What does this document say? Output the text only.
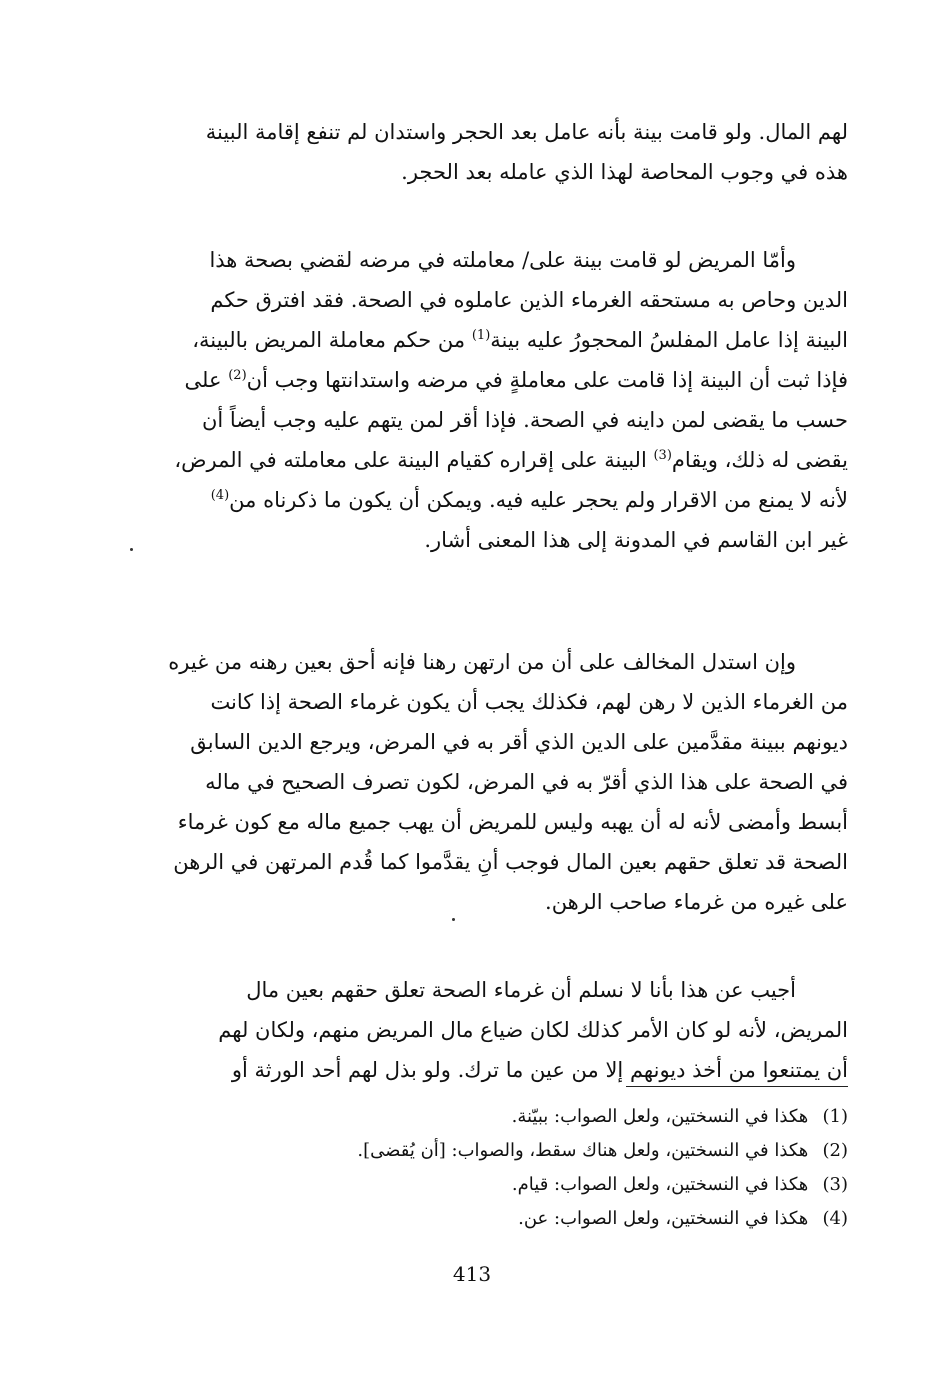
لهم المال. ولو قامت بينة بأنه عامل بعد الحجر واستدان لم تنفع إقامة البينة
هذه في وجوب المحاصة لهذا الذي عامله بعد الحجر.

وأمّا المريض لو قامت بينة على/ معاملته في مرضه لقضي بصحة هذا
الدين وحاص به مستحقه الغرماء الذين عاملوه في الصحة. فقد افترق حكم
البينة إذا عامل المفلسُ المحجورُ عليه بينة$^{(1)}$ من حكم معاملة المريض بالبينة،
فإذا ثبت أن البينة إذا قامت على معاملةٍ في مرضه واستدانتها وجب أن$^{(2)}$ على
حسب ما يقضى لمن داينه في الصحة. فإذا أقر لمن يتهم عليه وجب أيضاً أن
يقضى له ذلك، ويقام$^{(3)}$ البينة على إقراره كقيام البينة على معاملته في المرض،
لأنه لا يمنع من الاقرار ولم يحجر عليه فيه. ويمكن أن يكون ما ذكرناه من$^{(4)}$
غير ابن القاسم في المدونة إلى هذا المعنى أشار.

وإن استدل المخالف على أن من ارتهن رهنا فإنه أحق بعين رهنه من غيره
من الغرماء الذين لا رهن لهم، فكذلك يجب أن يكون غرماء الصحة إذا كانت
ديونهم ببينة مقدَّمين على الدين الذي أقر به في المرض، ويرجع الدين السابق
في الصحة على هذا الذي أقرّ به في المرض، لكون تصرف الصحيح في ماله
أبسط وأمضى لأنه له أن يهبه وليس للمريض أن يهب جميع ماله مع كون غرماء
الصحة قد تعلق حقهم بعين المال فوجب أنِ يقدَّموا كما قُدم المرتهن في الرهن
على غيره من غرماء صاحب الرهن.

أجيب عن هذا بأنا لا نسلم أن غرماء الصحة تعلق حقهم بعين مال
المريض، لأنه لو كان الأمر كذلك لكان ضياع مال المريض منهم، ولكان لهم
أن يمتنعوا من أخذ ديونهم إلا من عين ما ترك. ولو بذل لهم أحد الورثة أو

(1) هكذا في النسختين، ولعل الصواب: ببيّنة.
(2) هكذا في النسختين، ولعل هناك سقط، والصواب: [أن يُقضى].
(3) هكذا في النسختين، ولعل الصواب: قيام.
(4) هكذا في النسختين، ولعل الصواب: عن.
413
